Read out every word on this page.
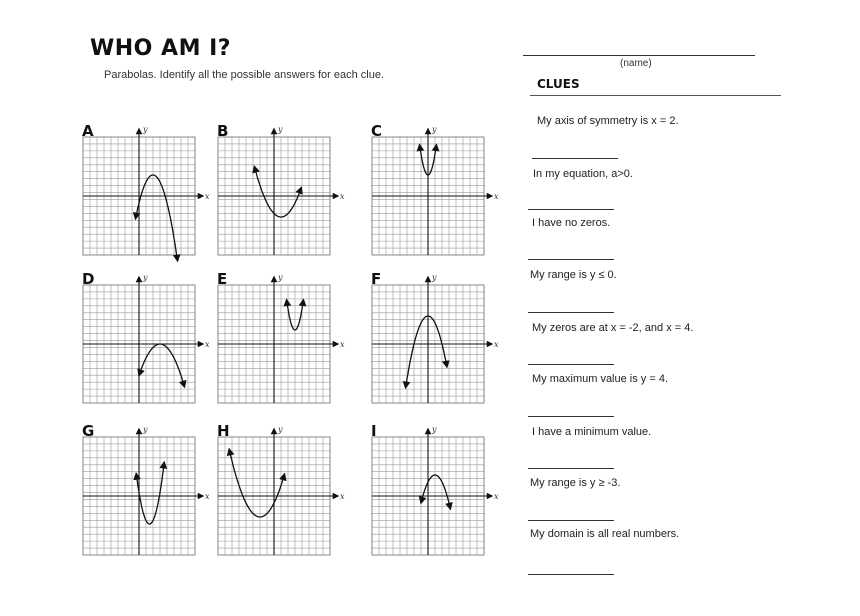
WHO AM I?
Parabolas. Identify all the possible answers for each clue.
(name)
CLUES
My axis of symmetry is x = 2.
In my equation, a>0.
I have no zeros.
My range is y ≤ 0.
My zeros are at x = -2, and x = 4.
My maximum value is y = 4.
I have a minimum value.
My range is y ≥ -3.
My domain is all real numbers.
x
y
A
x
y
B
x
y
C
x
y
D
x
y
E
x
y
F
x
y
G
x
y
H
x
y
I
